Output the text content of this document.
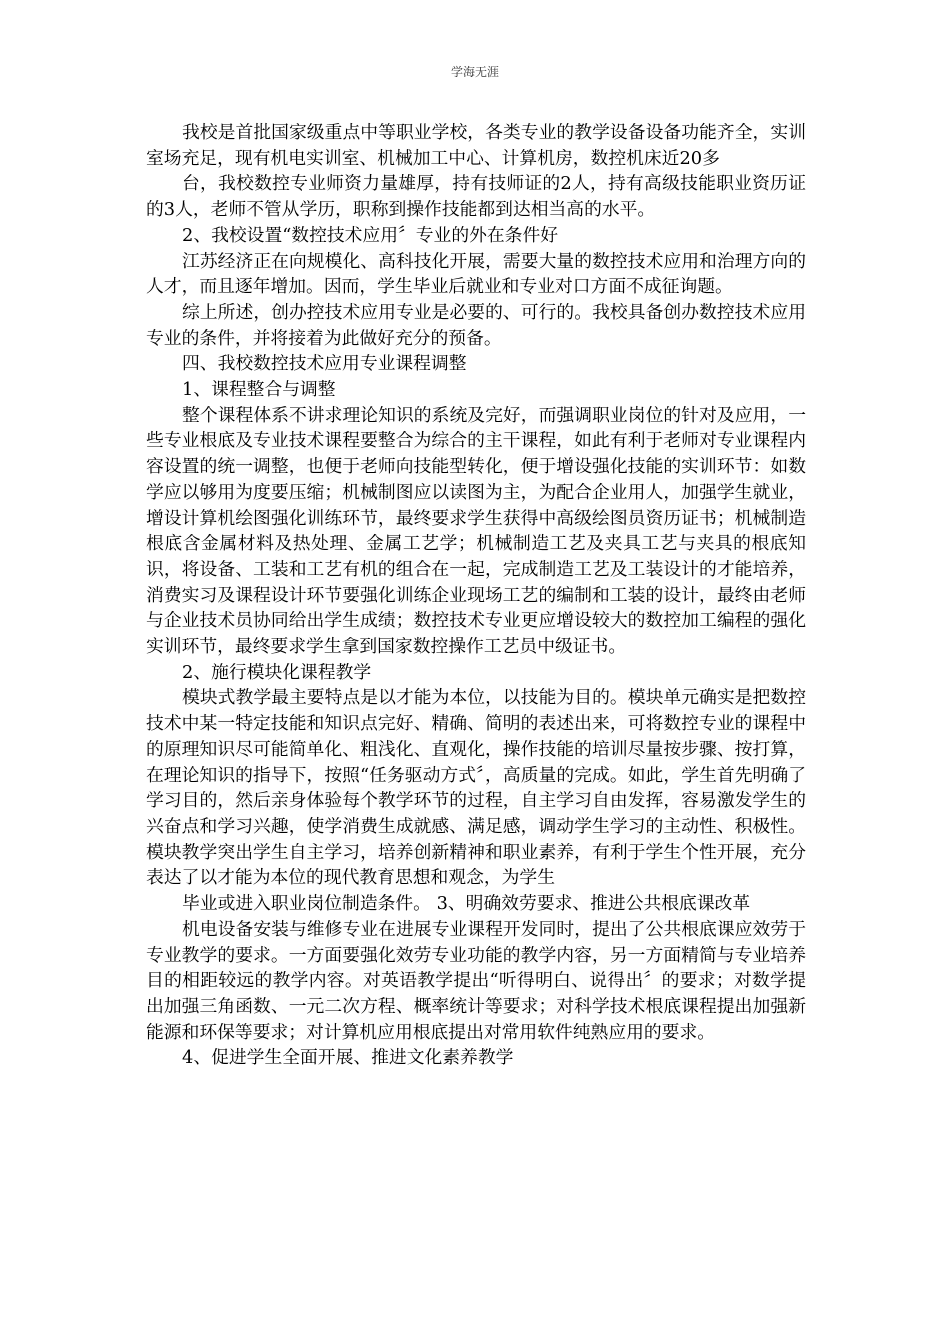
学海无涯

我校是首批国家级重点中等职业学校，各类专业的教学设备设备功能齐全，实训室场充足，现有机电实训室、机械加工中心、计算机房，数控机床近20多

台，我校数控专业师资力量雄厚，持有技师证的2人，持有高级技能职业资历证的3人，老师不管从学历，职称到操作技能都到达相当高的水平。

2、我校设置“数控技术应用〞专业的外在条件好

江苏经济正在向规模化、高科技化开展，需要大量的数控技术应用和治理方向的人才，而且逐年增加。因而，学生毕业后就业和专业对口方面不成征询题。

综上所述，创办控技术应用专业是必要的、可行的。我校具备创办数控技术应用专业的条件，并将接着为此做好充分的预备。

四、我校数控技术应用专业课程调整

1、课程整合与调整

整个课程体系不讲求理论知识的系统及完好，而强调职业岗位的针对及应用，一些专业根底及专业技术课程要整合为综合的主干课程，如此有利于老师对专业课程内容设置的统一调整，也便于老师向技能型转化，便于增设强化技能的实训环节：如数学应以够用为度要压缩；机械制图应以读图为主，为配合企业用人，加强学生就业，增设计算机绘图强化训练环节，最终要求学生获得中高级绘图员资历证书；机械制造根底含金属材料及热处理、金属工艺学；机械制造工艺及夹具工艺与夹具的根底知识，将设备、工装和工艺有机的组合在一起，完成制造工艺及工装设计的才能培养，消费实习及课程设计环节要强化训练企业现场工艺的编制和工装的设计，最终由老师与企业技术员协同给出学生成绩；数控技术专业更应增设较大的数控加工编程的强化实训环节，最终要求学生拿到国家数控操作工艺员中级证书。

2、施行模块化课程教学

模块式教学最主要特点是以才能为本位，以技能为目的。模块单元确实是把数控技术中某一特定技能和知识点完好、精确、简明的表述出来，可将数控专业的课程中的原理知识尽可能简单化、粗浅化、直观化，操作技能的培训尽量按步骤、按打算，在理论知识的指导下，按照“任务驱动方式〞，高质量的完成。如此，学生首先明确了学习目的，然后亲身体验每个教学环节的过程，自主学习自由发挥，容易激发学生的兴奋点和学习兴趣，使学消费生成就感、满足感，调动学生学习的主动性、积极性。模块教学突出学生自主学习，培养创新精神和职业素养，有利于学生个性开展，充分表达了以才能为本位的现代教育思想和观念，为学生

毕业或进入职业岗位制造条件。 3、明确效劳要求、推进公共根底课改革

机电设备安装与维修专业在进展专业课程开发同时，提出了公共根底课应效劳于专业教学的要求。一方面要强化效劳专业功能的教学内容，另一方面精简与专业培养目的相距较远的教学内容。对英语教学提出“听得明白、说得出〞的要求；对数学提出加强三角函数、一元二次方程、概率统计等要求；对科学技术根底课程提出加强新能源和环保等要求；对计算机应用根底提出对常用软件纯熟应用的要求。

4、促进学生全面开展、推进文化素养教学
